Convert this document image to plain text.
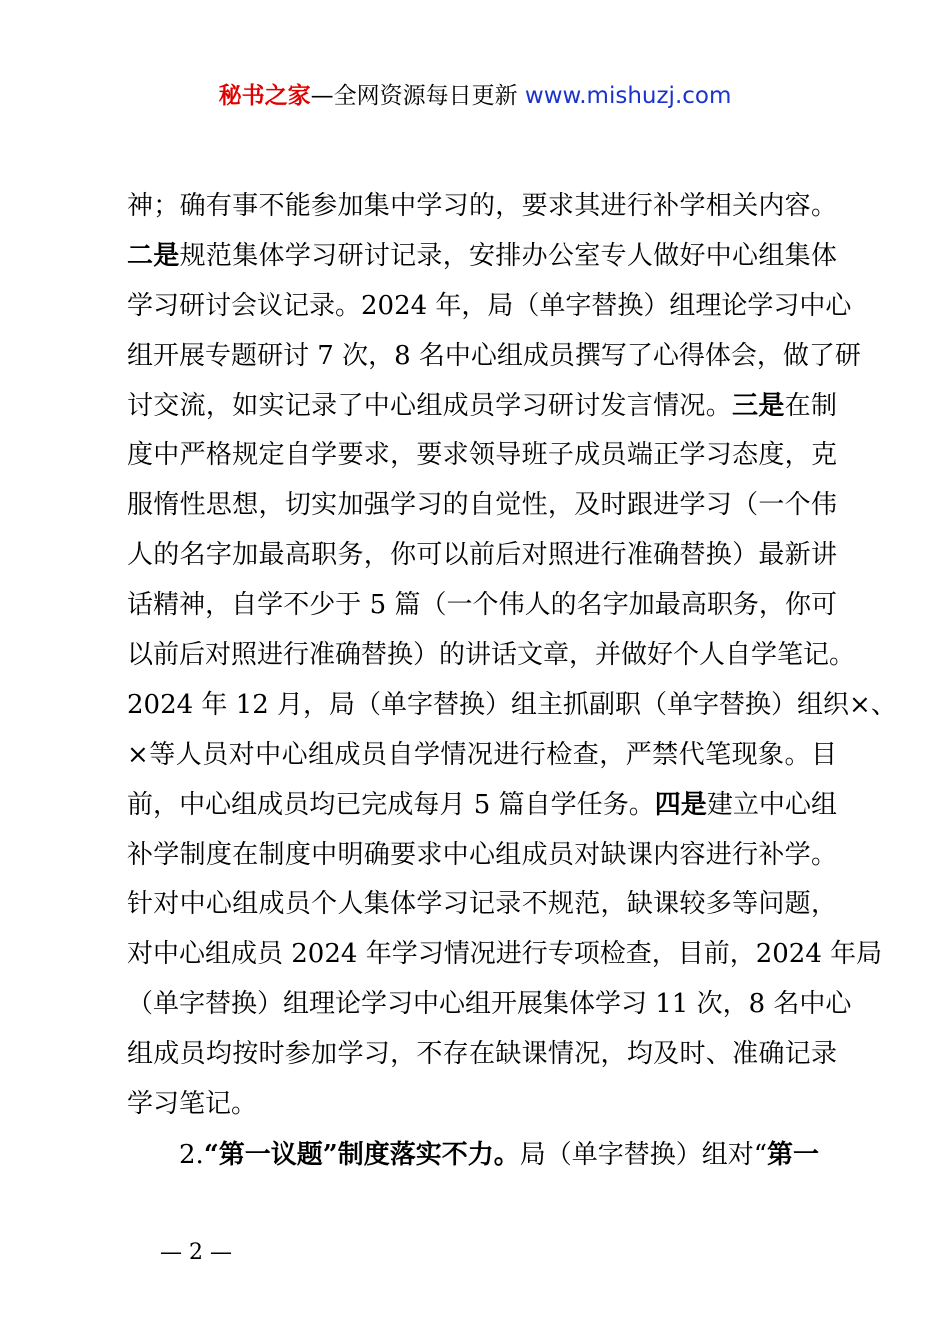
秘书之家—全网资源每日更新 www.mishuzj.com
神；确有事不能参加集中学习的，要求其进行补学相关内容。
二是规范集体学习研讨记录，安排办公室专人做好中心组集体
学习研讨会议记录。2024 年，局（单字替换）组理论学习中心
组开展专题研讨 7 次，8 名中心组成员撰写了心得体会，做了研
讨交流，如实记录了中心组成员学习研讨发言情况。三是在制
度中严格规定自学要求，要求领导班子成员端正学习态度，克
服惰性思想，切实加强学习的自觉性，及时跟进学习（一个伟
人的名字加最高职务，你可以前后对照进行准确替换）最新讲
话精神，自学不少于 5 篇（一个伟人的名字加最高职务，你可
以前后对照进行准确替换）的讲话文章，并做好个人自学笔记。
2024 年 12 月，局（单字替换）组主抓副职（单字替换）组织×、
×等人员对中心组成员自学情况进行检查，严禁代笔现象。目
前，中心组成员均已完成每月 5 篇自学任务。四是建立中心组
补学制度在制度中明确要求中心组成员对缺课内容进行补学。
针对中心组成员个人集体学习记录不规范，缺课较多等问题，
对中心组成员 2024 年学习情况进行专项检查，目前，2024 年局
（单字替换）组理论学习中心组开展集体学习 11 次，8 名中心
组成员均按时参加学习，不存在缺课情况，均及时、准确记录
学习笔记。
2.“第一议题”制度落实不力。局（单字替换）组对“第一
— 2 —
